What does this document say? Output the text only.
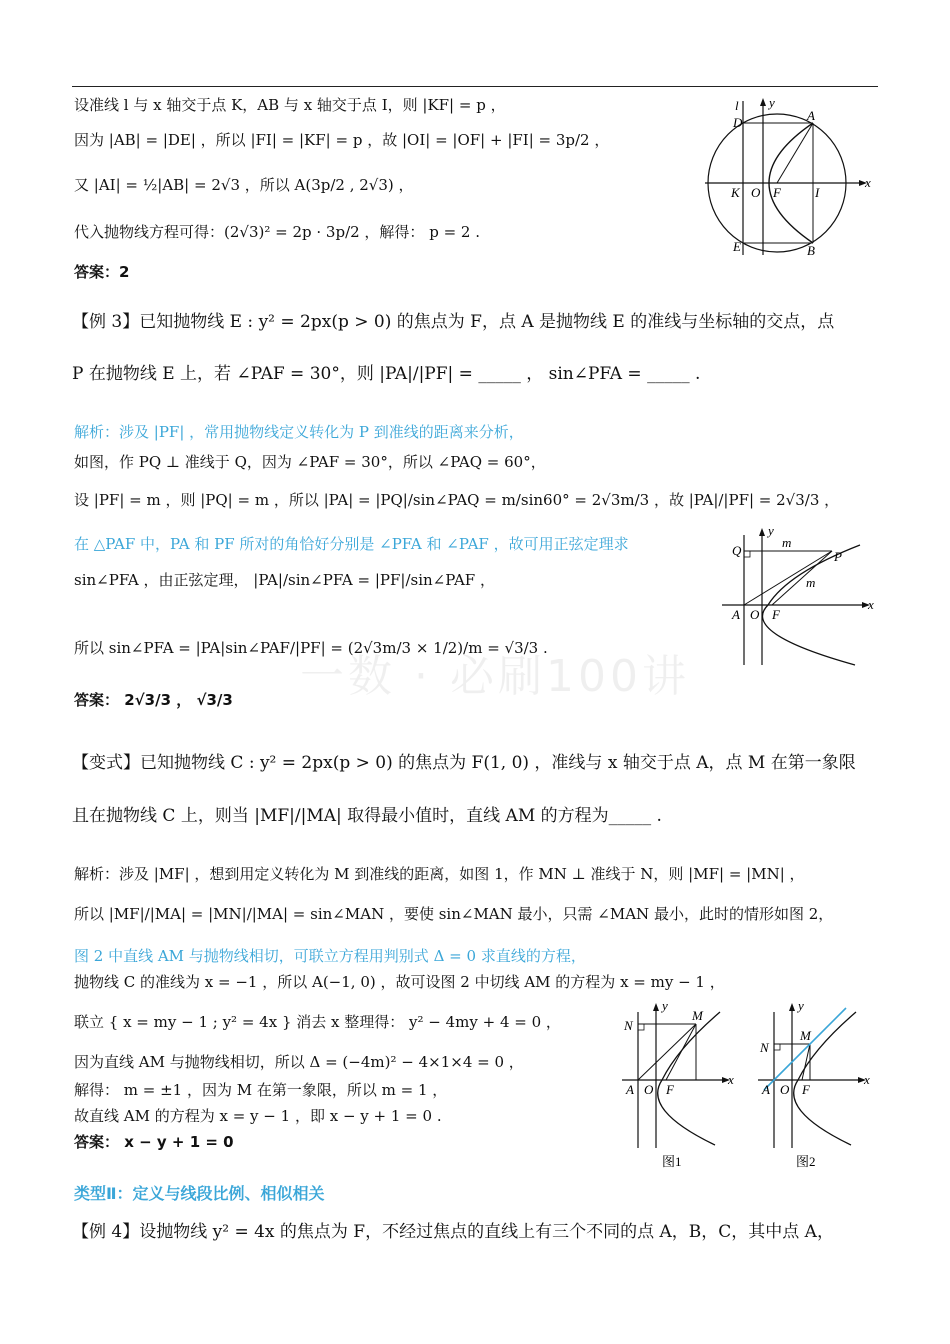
设准线 l 与 x 轴交于点 K，AB 与 x 轴交于点 I，则 |KF| = p ，
因为 |AB| = |DE| ，所以 |FI| = |KF| = p ，故 |OI| = |OF| + |FI| = 3p/2 ，
又 |AI| = ½|AB| = 2√3 ，所以 A(3p/2 , 2√3) ，
代入抛物线方程可得：(2√3)² = 2p · 3p/2 ，解得： p = 2 .
答案：2
l y
x
A
D
K O F	I
E	B
【例 3】已知抛物线 E : y² = 2px(p > 0) 的焦点为 F，点 A 是抛物线 E 的准线与坐标轴的交点，点
P 在抛物线 E 上，若 ∠PAF = 30°，则 |PA|/|PF| = _____ ， sin∠PFA = _____ .
解析：涉及 |PF| ，常用抛物线定义转化为 P 到准线的距离来分析，
如图，作 PQ ⊥ 准线于 Q，因为 ∠PAF = 30°，所以 ∠PAQ = 60°，
设 |PF| = m ，则 |PQ| = m ，所以 |PA| = |PQ|/sin∠PAQ = m/sin60° = 2√3m/3 ，故 |PA|/|PF| = 2√3/3 ，
在 △PAF 中，PA 和 PF 所对的角恰好分别是 ∠PFA 和 ∠PAF ，故可用正弦定理求
sin∠PFA ，由正弦定理， |PA|/sin∠PFA = |PF|/sin∠PAF ，
所以 sin∠PFA = |PA|sin∠PAF/|PF| = (2√3m/3 × 1/2)/m = √3/3 .
答案： 2√3/3 ， √3/3 一数 · 必刷100讲
y
x
m
m
Q	P
A O F
【变式】已知抛物线 C : y² = 2px(p > 0) 的焦点为 F(1, 0) ，准线与 x 轴交于点 A，点 M 在第一象限
且在抛物线 C 上，则当 |MF|/|MA| 取得最小值时，直线 AM 的方程为_____ .
解析：涉及 |MF| ，想到用定义转化为 M 到准线的距离，如图 1，作 MN ⊥ 准线于 N，则 |MF| = |MN| ，
所以 |MF|/|MA| = |MN|/|MA| = sin∠MAN ，要使 sin∠MAN 最小，只需 ∠MAN 最小，此时的情形如图 2，
图 2 中直线 AM 与抛物线相切，可联立方程用判别式 Δ = 0 求直线的方程，
抛物线 C 的准线为 x = −1 ，所以 A(−1, 0) ，故可设图 2 中切线 AM 的方程为 x = my − 1 ，
联立 { x = my − 1 ; y² = 4x } 消去 x 整理得： y² − 4my + 4 = 0 ，
因为直线 AM 与抛物线相切，所以 Δ = (−4m)² − 4×1×4 = 0 ，
解得： m = ±1 ，因为 M 在第一象限，所以 m = 1 ，
故直线 AM 的方程为 x = y − 1 ，即 x − y + 1 = 0 .
答案： x − y + 1 = 0
y
x
N
M
A O F
图1
y
x
N
M
A O F
图2
类型Ⅱ：定义与线段比例、相似相关
【例 4】设抛物线 y² = 4x 的焦点为 F，不经过焦点的直线上有三个不同的点 A，B，C，其中点 A，
